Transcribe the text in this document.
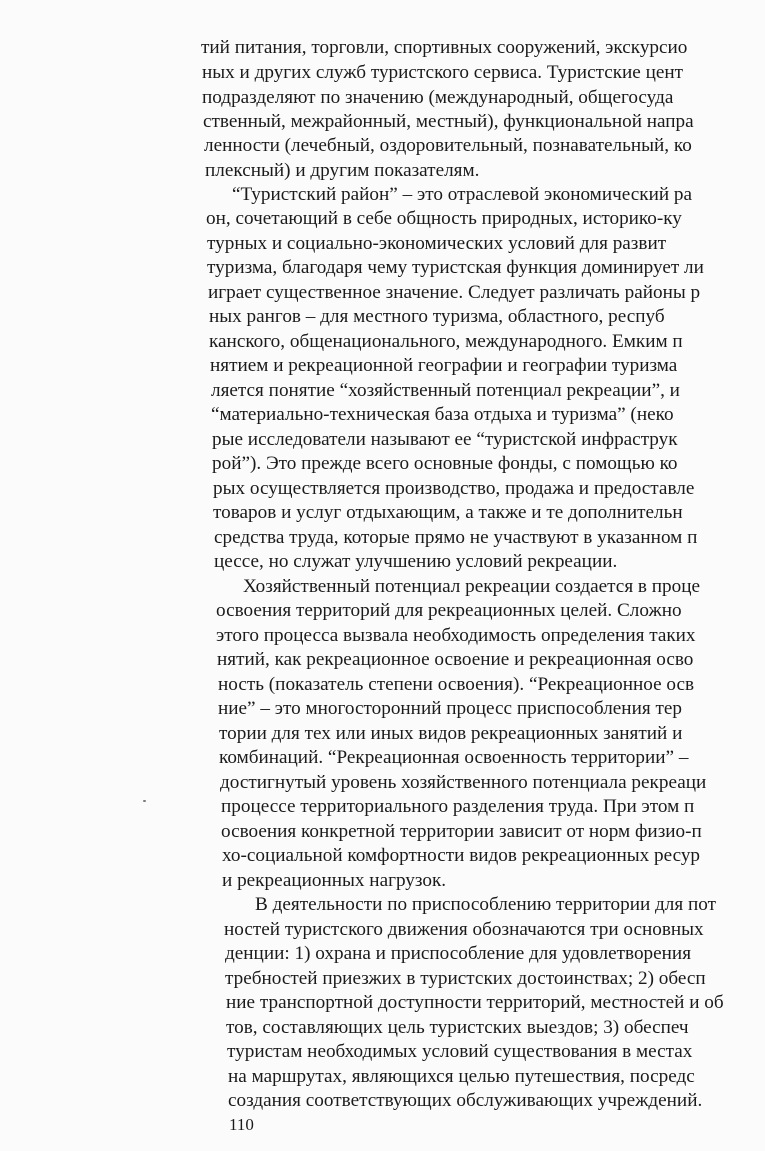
тий питания, торговли, спортивных сооружений, экскурсио
ных и других служб туристского сервиса. Туристские цент
подразделяют по значению (международный, общегосуда
ственный, межрайонный, местный), функциональной напра
ленности (лечебный, оздоровительный, познавательный, ко
плексный) и другим показателям.
“Туристский район” – это отраслевой экономический ра
он, сочетающий в себе общность природных, историко-ку
турных и социально-экономических условий для развит
туризма, благодаря чему туристская функция доминирует ли
играет существенное значение. Следует различать районы р
ных рангов – для местного туризма, областного, респуб
канского, общенационального, международного. Емким п
нятием и рекреационной географии и географии туризма
ляется понятие “хозяйственный потенциал рекреации”, и
“материально-техническая база отдыха и туризма” (неко
рые исследователи называют ее “туристской инфраструк
рой”). Это прежде всего основные фонды, с помощью ко
рых осуществляется производство, продажа и предоставле
товаров и услуг отдыхающим, а также и те дополнительн
средства труда, которые прямо не участвуют в указанном п
цессе, но служат улучшению условий рекреации.
Хозяйственный потенциал рекреации создается в проце
освоения территорий для рекреационных целей. Сложно
этого процесса вызвала необходимость определения таких
нятий, как рекреационное освоение и рекреационная осво
ность (показатель степени освоения). “Рекреационное осв
ние” – это многосторонний процесс приспособления тер
тории для тех или иных видов рекреационных занятий и
комбинаций. “Рекреационная освоенность территории” –
достигнутый уровень хозяйственного потенциала рекреаци
процессе территориального разделения труда. При этом п
освоения конкретной территории зависит от норм физио-п
хо-социальной комфортности видов рекреационных ресур
и рекреационных нагрузок.
В деятельности по приспособлению территории для пот
ностей туристского движения обозначаются три основных
денции: 1) охрана и приспособление для удовлетворения
требностей приезжих в туристских достоинствах; 2) обесп
ние транспортной доступности территорий, местностей и об
тов, составляющих цель туристских выездов; 3) обеспеч
туристам необходимых условий существования в местах
на маршрутах, являющихся целью путешествия, посредс
создания соответствующих обслуживающих учреждений.
110
